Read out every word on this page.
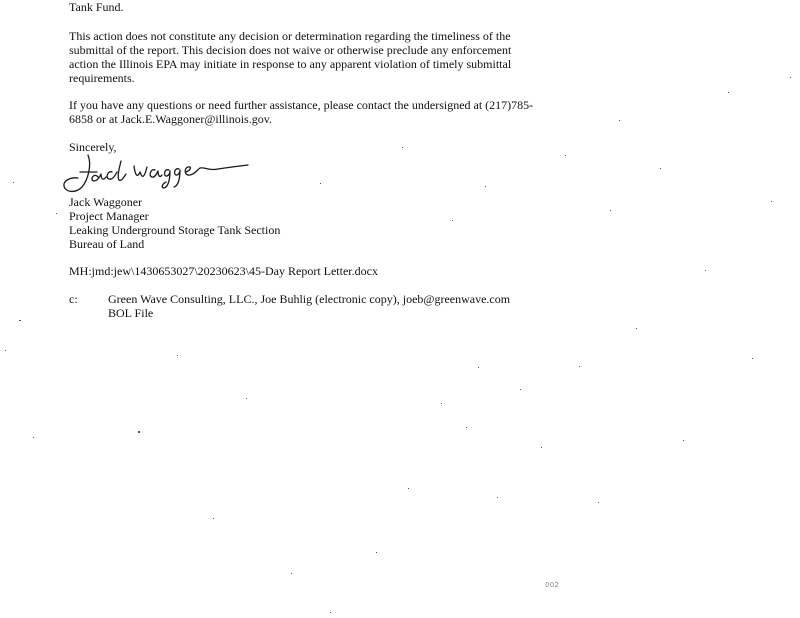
Tank Fund.
This action does not constitute any decision or determination regarding the timeliness of the
submittal of the report. This decision does not waive or otherwise preclude any enforcement
action the Illinois EPA may initiate in response to any apparent violation of timely submittal
requirements.
If you have any questions or need further assistance, please contact the undersigned at (217)785-
6858 or at Jack.E.Waggoner@illinois.gov.
Sincerely,
Jack Waggoner
Project Manager
Leaking Underground Storage Tank Section
Bureau of Land
MH:jmd:jew\1430653027\20230623\45-Day Report Letter.docx
c:	Green Wave Consulting, LLC., Joe Buhlig (electronic copy), joeb@greenwave.com
BOL File
002
